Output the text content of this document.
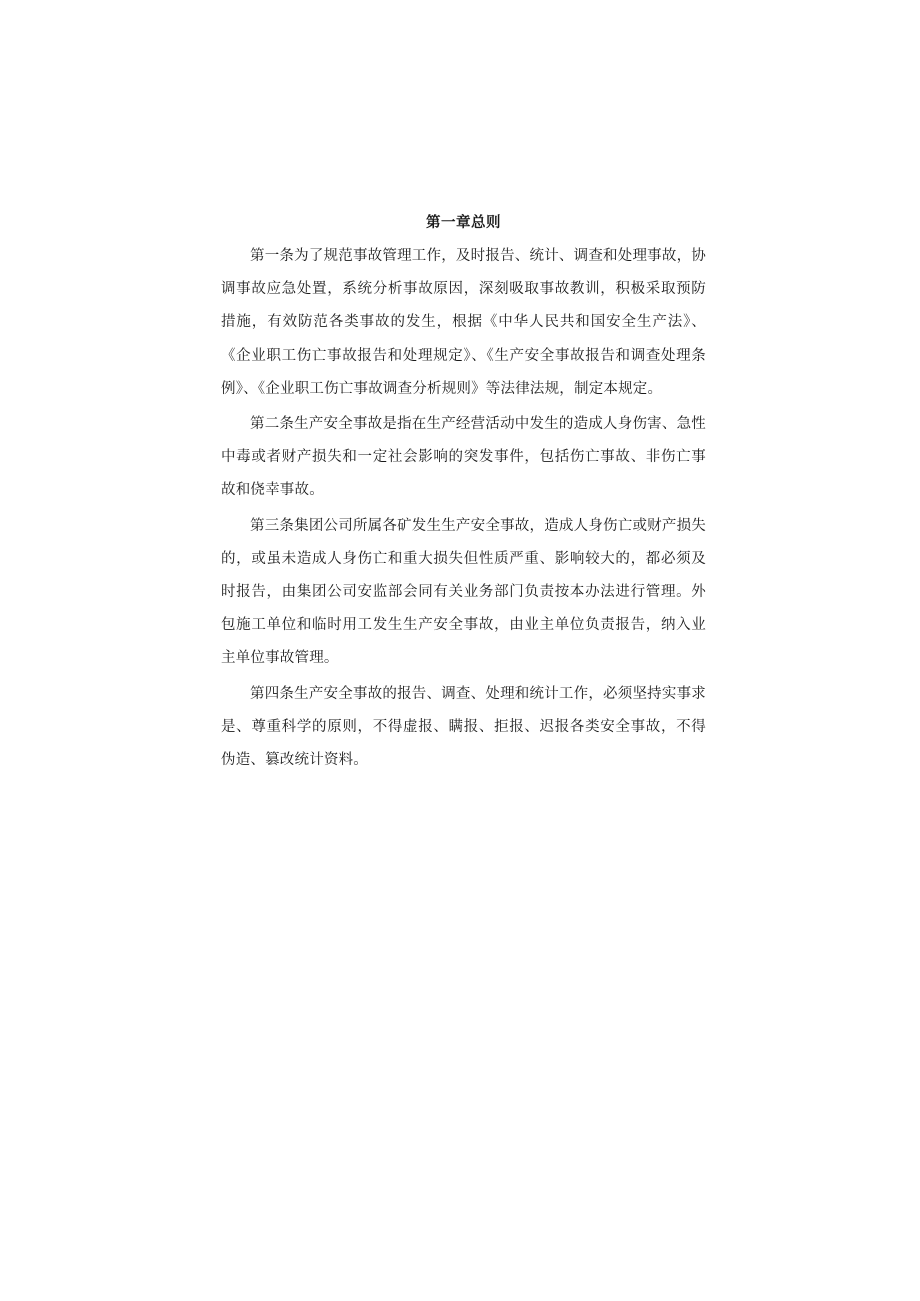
第一章总则

第一条为了规范事故管理工作，及时报告、统计、调查和处理事故，协调事故应急处置，系统分析事故原因，深刻吸取事故教训，积极采取预防措施，有效防范各类事故的发生，根据《中华人民共和国安全生产法》、《企业职工伤亡事故报告和处理规定》、《生产安全事故报告和调查处理条例》、《企业职工伤亡事故调查分析规则》等法律法规，制定本规定。

第二条生产安全事故是指在生产经营活动中发生的造成人身伤害、急性中毒或者财产损失和一定社会影响的突发事件，包括伤亡事故、非伤亡事故和侥幸事故。

第三条集团公司所属各矿发生生产安全事故，造成人身伤亡或财产损失的，或虽未造成人身伤亡和重大损失但性质严重、影响较大的，都必须及时报告，由集团公司安监部会同有关业务部门负责按本办法进行管理。外包施工单位和临时用工发生生产安全事故，由业主单位负责报告，纳入业主单位事故管理。

第四条生产安全事故的报告、调查、处理和统计工作，必须坚持实事求是、尊重科学的原则，不得虚报、瞒报、拒报、迟报各类安全事故，不得伪造、篡改统计资料。
